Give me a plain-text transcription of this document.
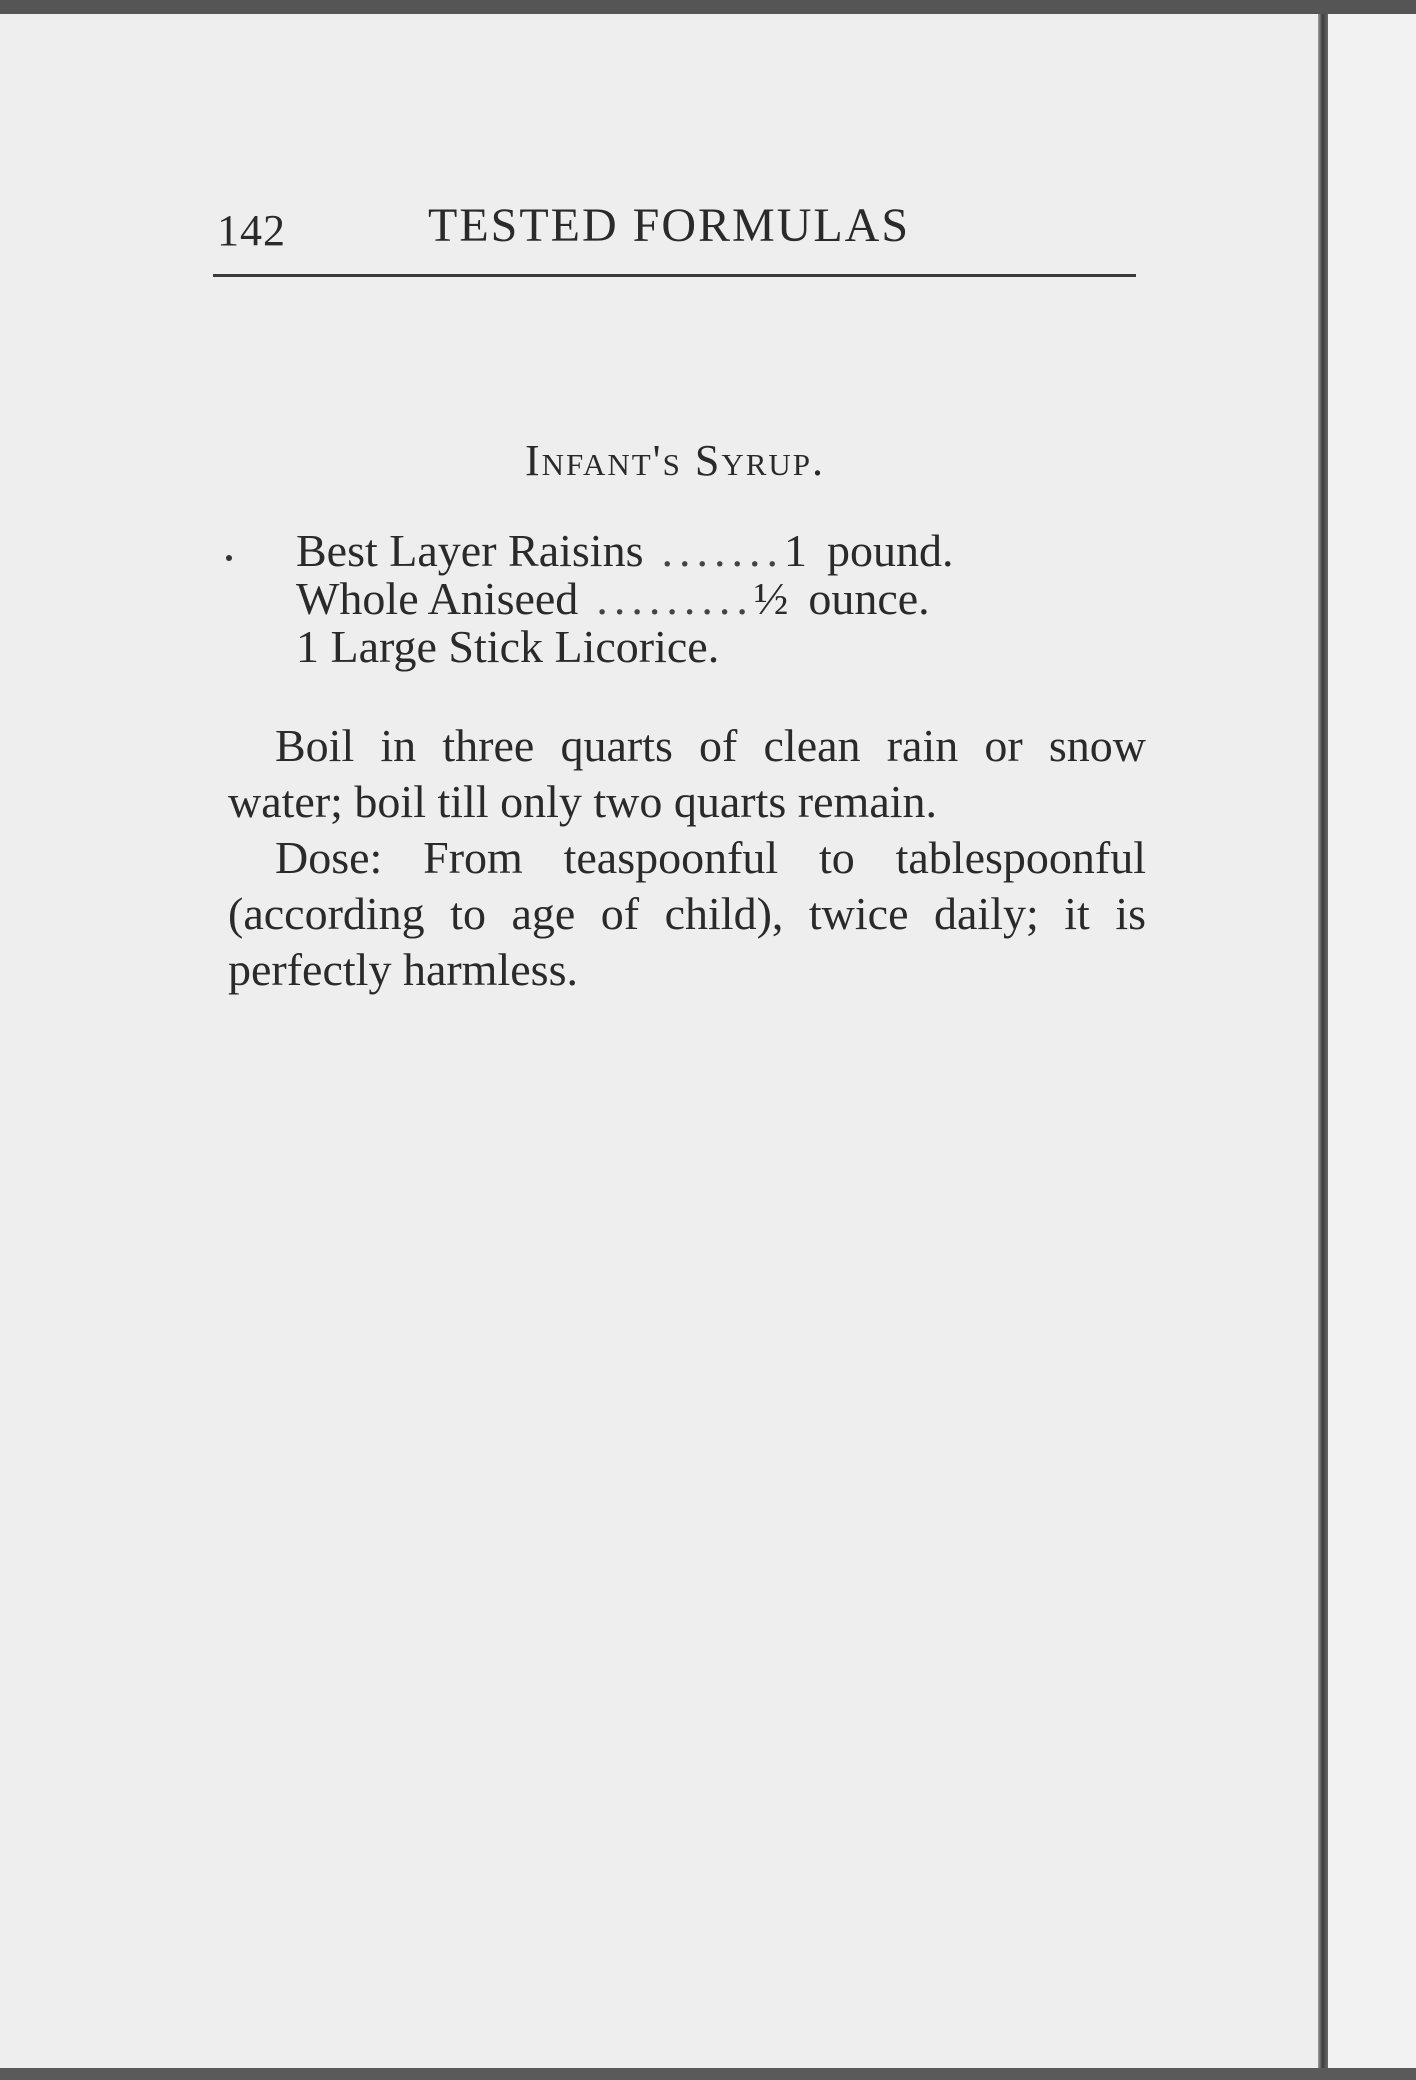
142	TESTED FORMULAS
Infant's Syrup.
Best Layer Raisins ....... 1 pound.
Whole Aniseed ......... ½ ounce.
1 Large Stick Licorice.

Boil in three quarts of clean rain or snow water; boil till only two quarts remain.

Dose: From teaspoonful to tablespoonful (according to age of child), twice daily; it is perfectly harmless.
